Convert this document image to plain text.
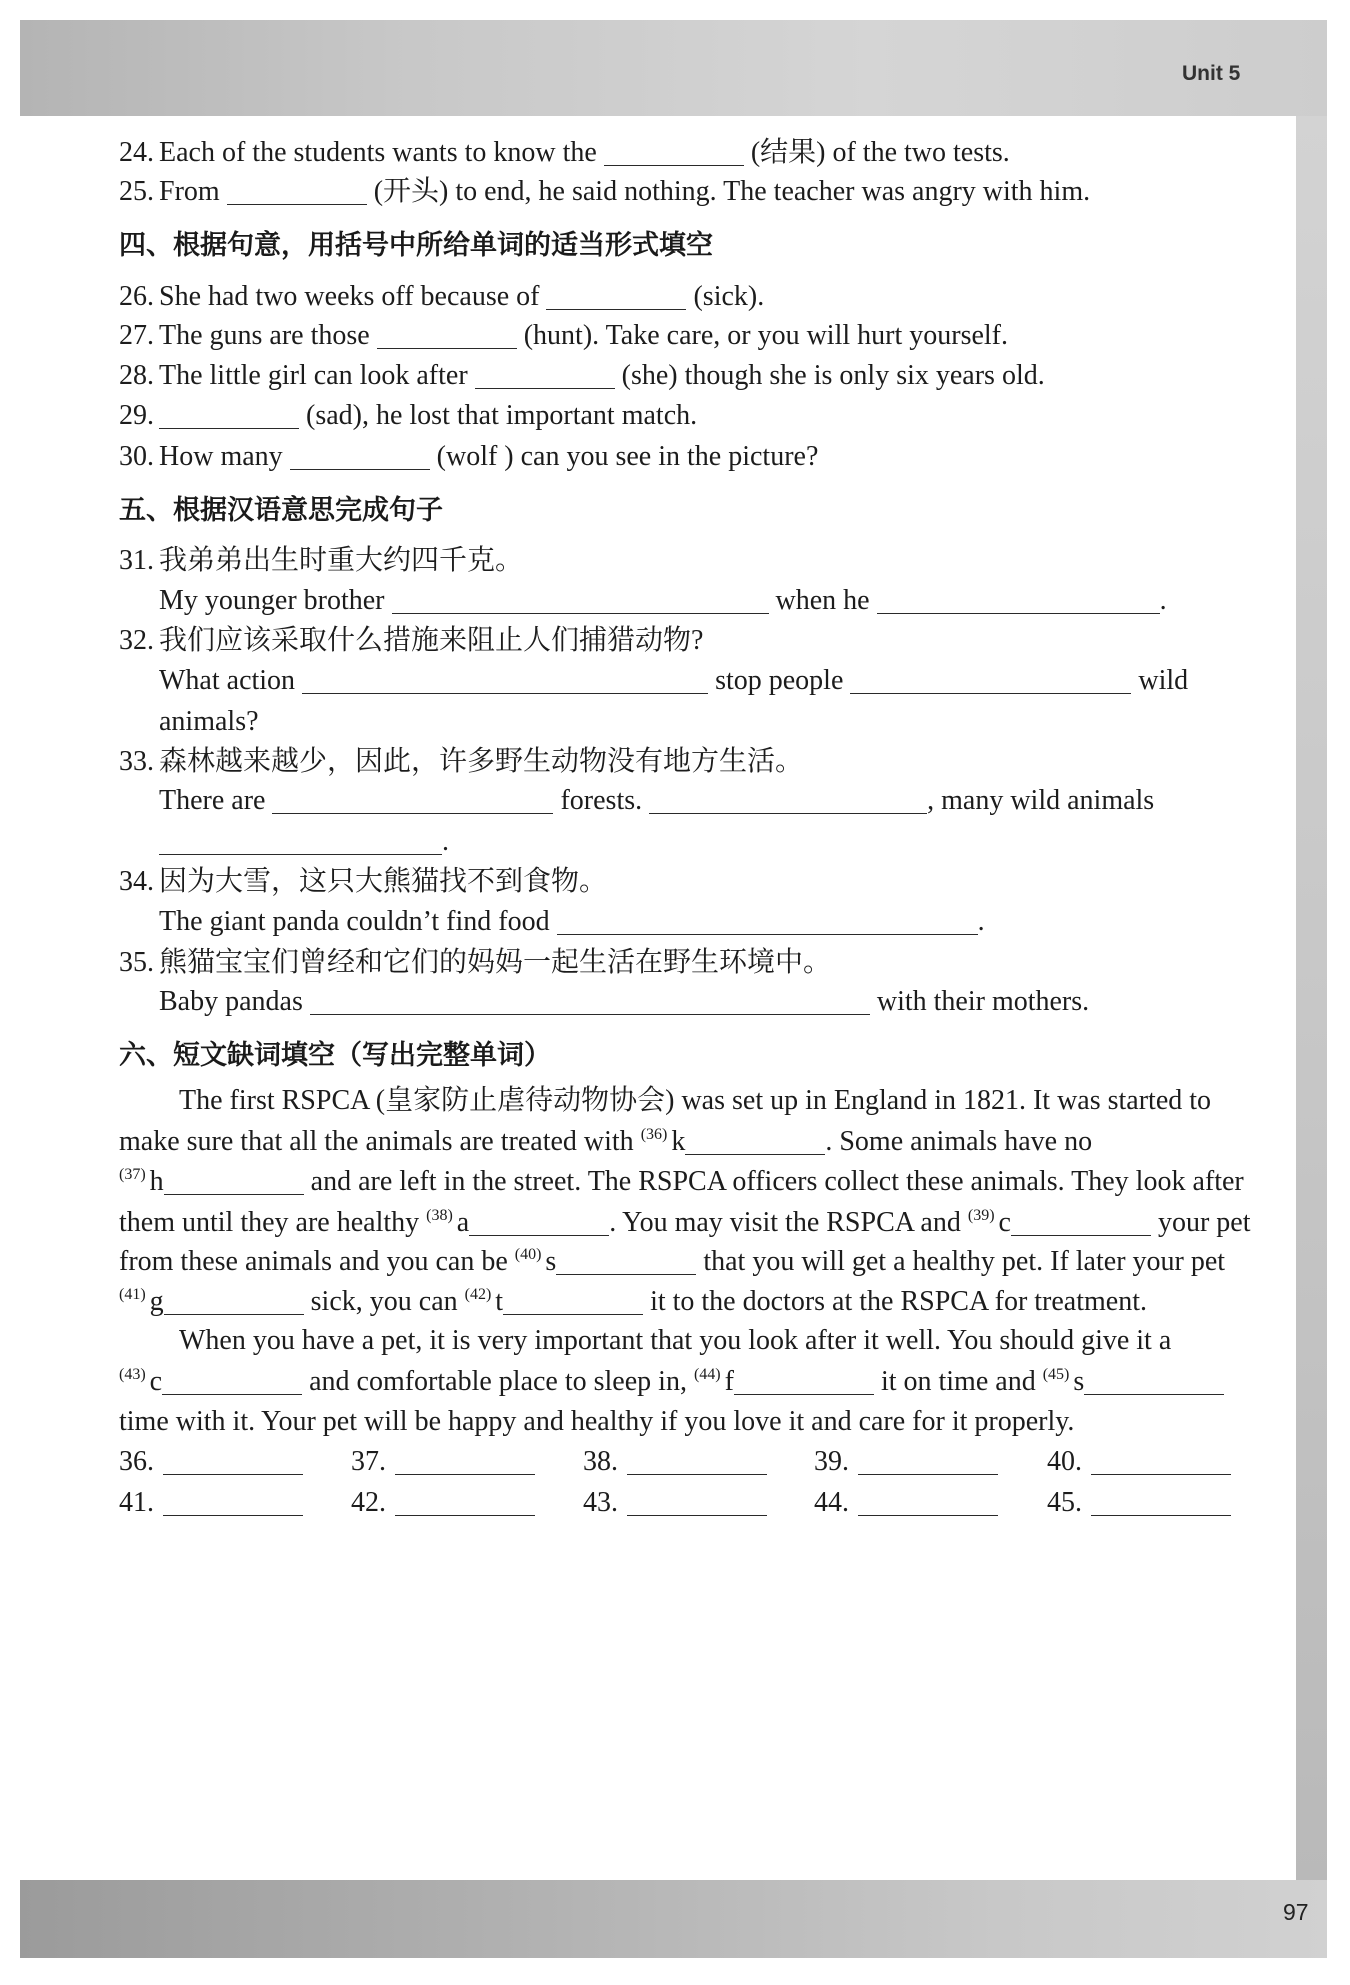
Unit 5
97
24. Each of the students wants to know the	(结果) of the two tests.
25. From	(开头) to end, he said nothing. The teacher was angry with him.
四、根据句意，用括号中所给单词的适当形式填空
26. She had two weeks off because of	(sick).
27. The guns are those	(hunt). Take care, or you will hurt yourself.
28. The little girl can look after	(she) though she is only six years old.
29.	(sad), he lost that important match.
30. How many	(wolf ) can you see in the picture?
五、根据汉语意思完成句子
31. 我弟弟出生时重大约四千克。
My younger brother	when he	.
32. 我们应该采取什么措施来阻止人们捕猎动物?
What action	stop people	wild
animals?
33. 森林越来越少，因此，许多野生动物没有地方生活。
There are	forests.	, many wild animals
.
34. 因为大雪，这只大熊猫找不到食物。
The giant panda couldn’t find food	.
35. 熊猫宝宝们曾经和它们的妈妈一起生活在野生环境中。
Baby pandas	with their mothers.
六、短文缺词填空（写出完整单词）
The first RSPCA (皇家防止虐待动物协会) was set up in England in 1821. It was started to
make sure that all the animals are treated with $^{(36)}$ k	. Some animals have no
$^{(37)}$ h	and are left in the street. The RSPCA officers collect these animals. They look after
them until they are healthy $^{(38)}$ a	. You may visit the RSPCA and $^{(39)}$ c	your pet
from these animals and you can be $^{(40)}$ s	that you will get a healthy pet. If later your pet
$^{(41)}$ g	sick, you can $^{(42)}$ t	it to the doctors at the RSPCA for treatment.
When you have a pet, it is very important that you look after it well. You should give it a
$^{(43)}$ c	and comfortable place to sleep in, $^{(44)}$ f	it on time and $^{(45)}$ s
time with it. Your pet will be happy and healthy if you love it and care for it properly.
36.	37.	38.	39.	40.
41.	42.	43.	44.	45.
